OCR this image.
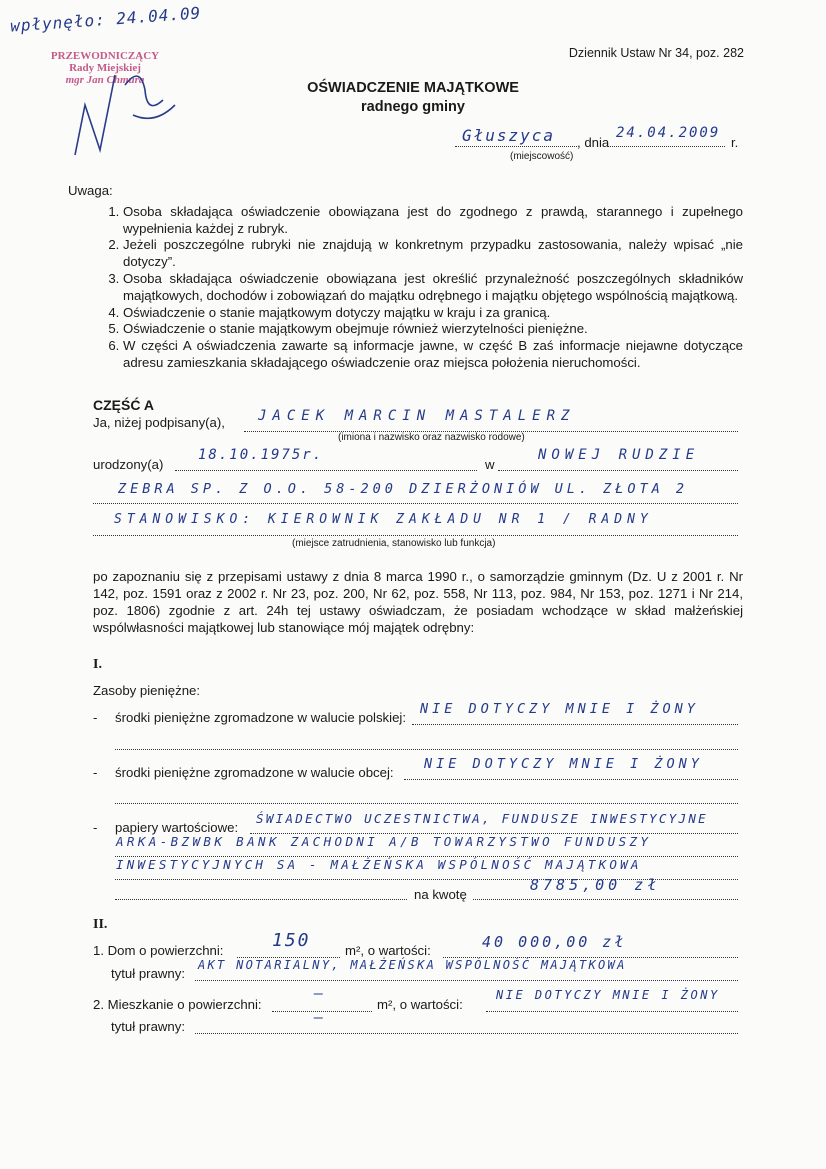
wpłynęło: 24.04.09
PRZEWODNICZĄCY
Rady Miejskiej
mgr Jan Chmura
Dziennik Ustaw Nr 34, poz. 282
OŚWIADCZENIE MAJĄTKOWE
radnego gminy
Głuszyca , dnia
24.04.2009
r.
(miejscowość)
Uwaga:
1. Osoba składająca oświadczenie obowiązana jest do zgodnego z prawdą, starannego i zupełnego wypełnienia każdej z rubryk.
2. Jeżeli poszczególne rubryki nie znajdują w konkretnym przypadku zastosowania, należy wpisać „nie dotyczy”.
3. Osoba składająca oświadczenie obowiązana jest określić przynależność poszczególnych składników majątkowych, dochodów i zobowiązań do majątku odrębnego i majątku objętego wspólnością majątkową.
4. Oświadczenie o stanie majątkowym dotyczy majątku w kraju i za granicą.
5. Oświadczenie o stanie majątkowym obejmuje również wierzytelności pieniężne.
6. W części A oświadczenia zawarte są informacje jawne, w część B zaś informacje niejawne dotyczące adresu zamieszkania składającego oświadczenie oraz miejsca położenia nieruchomości.
CZĘŚĆ A
Ja, niżej podpisany(a), JACEK MARCIN MASTALERZ
(imiona i nazwisko oraz nazwisko rodowe)
urodzony(a)
18.10.1975r.
w
NOWEJ RUDZIE
ZEBRA SP. Z O.O. 58-200 DZIERŻONIÓW UL. ZŁOTA 2
STANOWISKO: KIEROWNIK ZAKŁADU NR 1 / RADNY
(miejsce zatrudnienia, stanowisko lub funkcja)
po zapoznaniu się z przepisami ustawy z dnia 8 marca 1990 r., o samorządzie gminnym (Dz. U z 2001 r. Nr 142, poz. 1591 oraz z 2002 r. Nr 23, poz. 200, Nr 62, poz. 558, Nr 113, poz. 984, Nr 153, poz. 1271 i Nr 214, poz. 1806) zgodnie z art. 24h tej ustawy oświadczam, że posiadam wchodzące w skład małżeńskiej wspólwłasności majątkowej lub stanowiące mój majątek odrębny:
I.
Zasoby pieniężne:
- środki pieniężne zgromadzone w walucie polskiej:
NIE DOTYCZY MNIE I ŻONY
- środki pieniężne zgromadzone w walucie obcej:
NIE DOTYCZY MNIE I ŻONY
- papiery wartościowe:
ŚWIADECTWO UCZESTNICTWA, FUNDUSZE INWESTYCYJNE
ARKA-BZWBK BANK ZACHODNI A/B TOWARZYSTWO FUNDUSZY
INWESTYCYJNYCH SA - MAŁŻEŃSKA WSPÓLNOŚĆ MAJĄTKOWA
na kwotę
8785,00 zł
II.
1. Dom o powierzchni:	150	m², o wartości:	40 000,00 zł
tytuł prawny:
AKT NOTARIALNY, MAŁŻEŃSKA WSPÓLNOŚĆ MAJĄTKOWA
2. Mieszkanie o powierzchni:
—
m², o wartości:
NIE DOTYCZY MNIE I ŻONY
tytuł prawny:
—
